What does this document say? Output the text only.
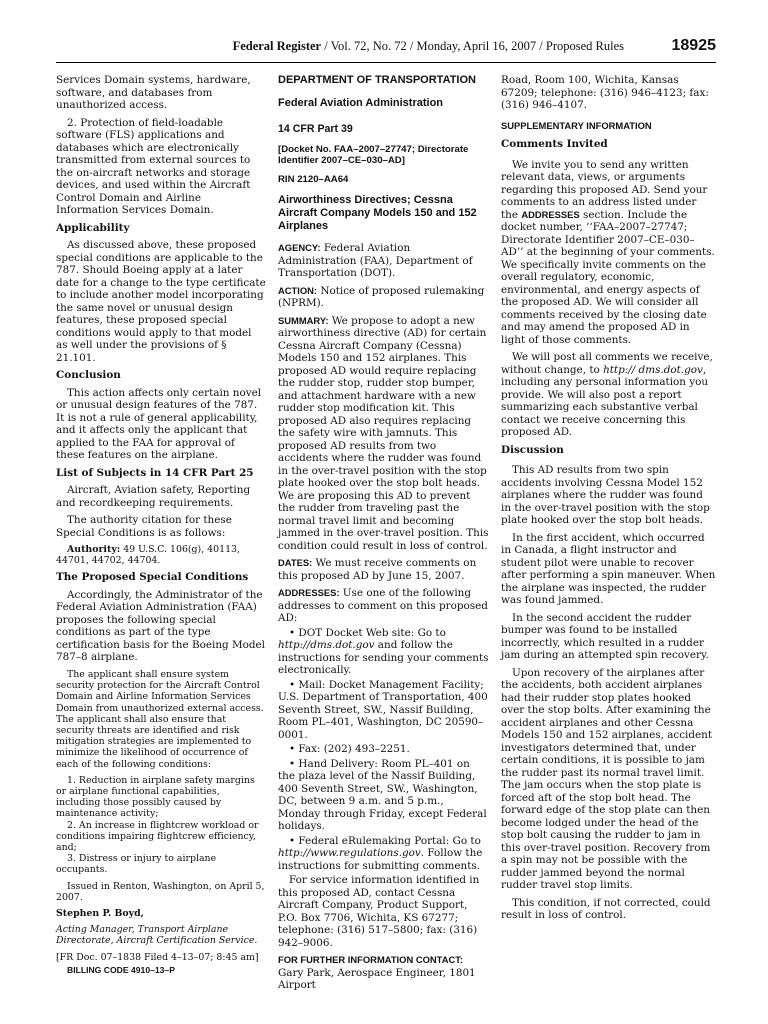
Federal Register / Vol. 72, No. 72 / Monday, April 16, 2007 / Proposed Rules	18925

Services Domain systems, hardware, software, and databases from unauthorized access.

2. Protection of field-loadable software (FLS) applications and databases which are electronically transmitted from external sources to the on-aircraft networks and storage devices, and used within the Aircraft Control Domain and Airline Information Services Domain.

Applicability

As discussed above, these proposed special conditions are applicable to the 787. Should Boeing apply at a later date for a change to the type certificate to include another model incorporating the same novel or unusual design features, these proposed special conditions would apply to that model as well under the provisions of § 21.101.

Conclusion

This action affects only certain novel or unusual design features of the 787. It is not a rule of general applicability, and it affects only the applicant that applied to the FAA for approval of these features on the airplane.

List of Subjects in 14 CFR Part 25

Aircraft, Aviation safety, Reporting and recordkeeping requirements.

The authority citation for these Special Conditions is as follows:

Authority: 49 U.S.C. 106(g), 40113, 44701, 44702, 44704.

The Proposed Special Conditions

Accordingly, the Administrator of the Federal Aviation Administration (FAA) proposes the following special conditions as part of the type certification basis for the Boeing Model 787–8 airplane.

The applicant shall ensure system security protection for the Aircraft Control Domain and Airline Information Services Domain from unauthorized external access. The applicant shall also ensure that security threats are identified and risk mitigation strategies are implemented to minimize the likelihood of occurrence of each of the following conditions:

1. Reduction in airplane safety margins or airplane functional capabilities, including those possibly caused by maintenance activity;

2. An increase in flightcrew workload or conditions impairing flightcrew efficiency, and;

3. Distress or injury to airplane occupants.

Issued in Renton, Washington, on April 5, 2007.

Stephen P. Boyd,

Acting Manager, Transport Airplane Directorate, Aircraft Certification Service.

[FR Doc. 07–1838 Filed 4–13–07; 8:45 am]

BILLING CODE 4910–13–P

DEPARTMENT OF TRANSPORTATION
Federal Aviation Administration
14 CFR Part 39
[Docket No. FAA–2007–27747; Directorate Identifier 2007–CE–030–AD]
RIN 2120–AA64
Airworthiness Directives; Cessna Aircraft Company Models 150 and 152 Airplanes

AGENCY: Federal Aviation Administration (FAA), Department of Transportation (DOT).

ACTION: Notice of proposed rulemaking (NPRM).

SUMMARY: We propose to adopt a new airworthiness directive (AD) for certain Cessna Aircraft Company (Cessna) Models 150 and 152 airplanes. This proposed AD would require replacing the rudder stop, rudder stop bumper, and attachment hardware with a new rudder stop modification kit. This proposed AD also requires replacing the safety wire with jamnuts. This proposed AD results from two accidents where the rudder was found in the over-travel position with the stop plate hooked over the stop bolt heads. We are proposing this AD to prevent the rudder from traveling past the normal travel limit and becoming jammed in the over-travel position. This condition could result in loss of control.

DATES: We must receive comments on this proposed AD by June 15, 2007.

ADDRESSES: Use one of the following addresses to comment on this proposed AD:

• DOT Docket Web site: Go to http://dms.dot.gov and follow the instructions for sending your comments electronically.

• Mail: Docket Management Facility; U.S. Department of Transportation, 400 Seventh Street, SW., Nassif Building, Room PL–401, Washington, DC 20590–0001.

• Fax: (202) 493–2251.

• Hand Delivery: Room PL–401 on the plaza level of the Nassif Building, 400 Seventh Street, SW., Washington, DC, between 9 a.m. and 5 p.m., Monday through Friday, except Federal holidays.

• Federal eRulemaking Portal: Go to http://www.regulations.gov. Follow the instructions for submitting comments.

For service information identified in this proposed AD, contact Cessna Aircraft Company, Product Support, P.O. Box 7706, Wichita, KS 67277; telephone: (316) 517–5800; fax: (316) 942–9006.

FOR FURTHER INFORMATION CONTACT: Gary Park, Aerospace Engineer, 1801 Airport

Road, Room 100, Wichita, Kansas 67209; telephone: (316) 946–4123; fax: (316) 946–4107.

SUPPLEMENTARY INFORMATION
Comments Invited

We invite you to send any written relevant data, views, or arguments regarding this proposed AD. Send your comments to an address listed under the ADDRESSES section. Include the docket number, ‘‘FAA–2007–27747; Directorate Identifier 2007–CE–030–AD’’ at the beginning of your comments. We specifically invite comments on the overall regulatory, economic, environmental, and energy aspects of the proposed AD. We will consider all comments received by the closing date and may amend the proposed AD in light of those comments.

We will post all comments we receive, without change, to http:// dms.dot.gov, including any personal information you provide. We will also post a report summarizing each substantive verbal contact we receive concerning this proposed AD.

Discussion

This AD results from two spin accidents involving Cessna Model 152 airplanes where the rudder was found in the over-travel position with the stop plate hooked over the stop bolt heads.

In the first accident, which occurred in Canada, a flight instructor and student pilot were unable to recover after performing a spin maneuver. When the airplane was inspected, the rudder was found jammed.

In the second accident the rudder bumper was found to be installed incorrectly, which resulted in a rudder jam during an attempted spin recovery.

Upon recovery of the airplanes after the accidents, both accident airplanes had their rudder stop plates hooked over the stop bolts. After examining the accident airplanes and other Cessna Models 150 and 152 airplanes, accident investigators determined that, under certain conditions, it is possible to jam the rudder past its normal travel limit. The jam occurs when the stop plate is forced aft of the stop bolt head. The forward edge of the stop plate can then become lodged under the head of the stop bolt causing the rudder to jam in this over-travel position. Recovery from a spin may not be possible with the rudder jammed beyond the normal rudder travel stop limits.

This condition, if not corrected, could result in loss of control.
